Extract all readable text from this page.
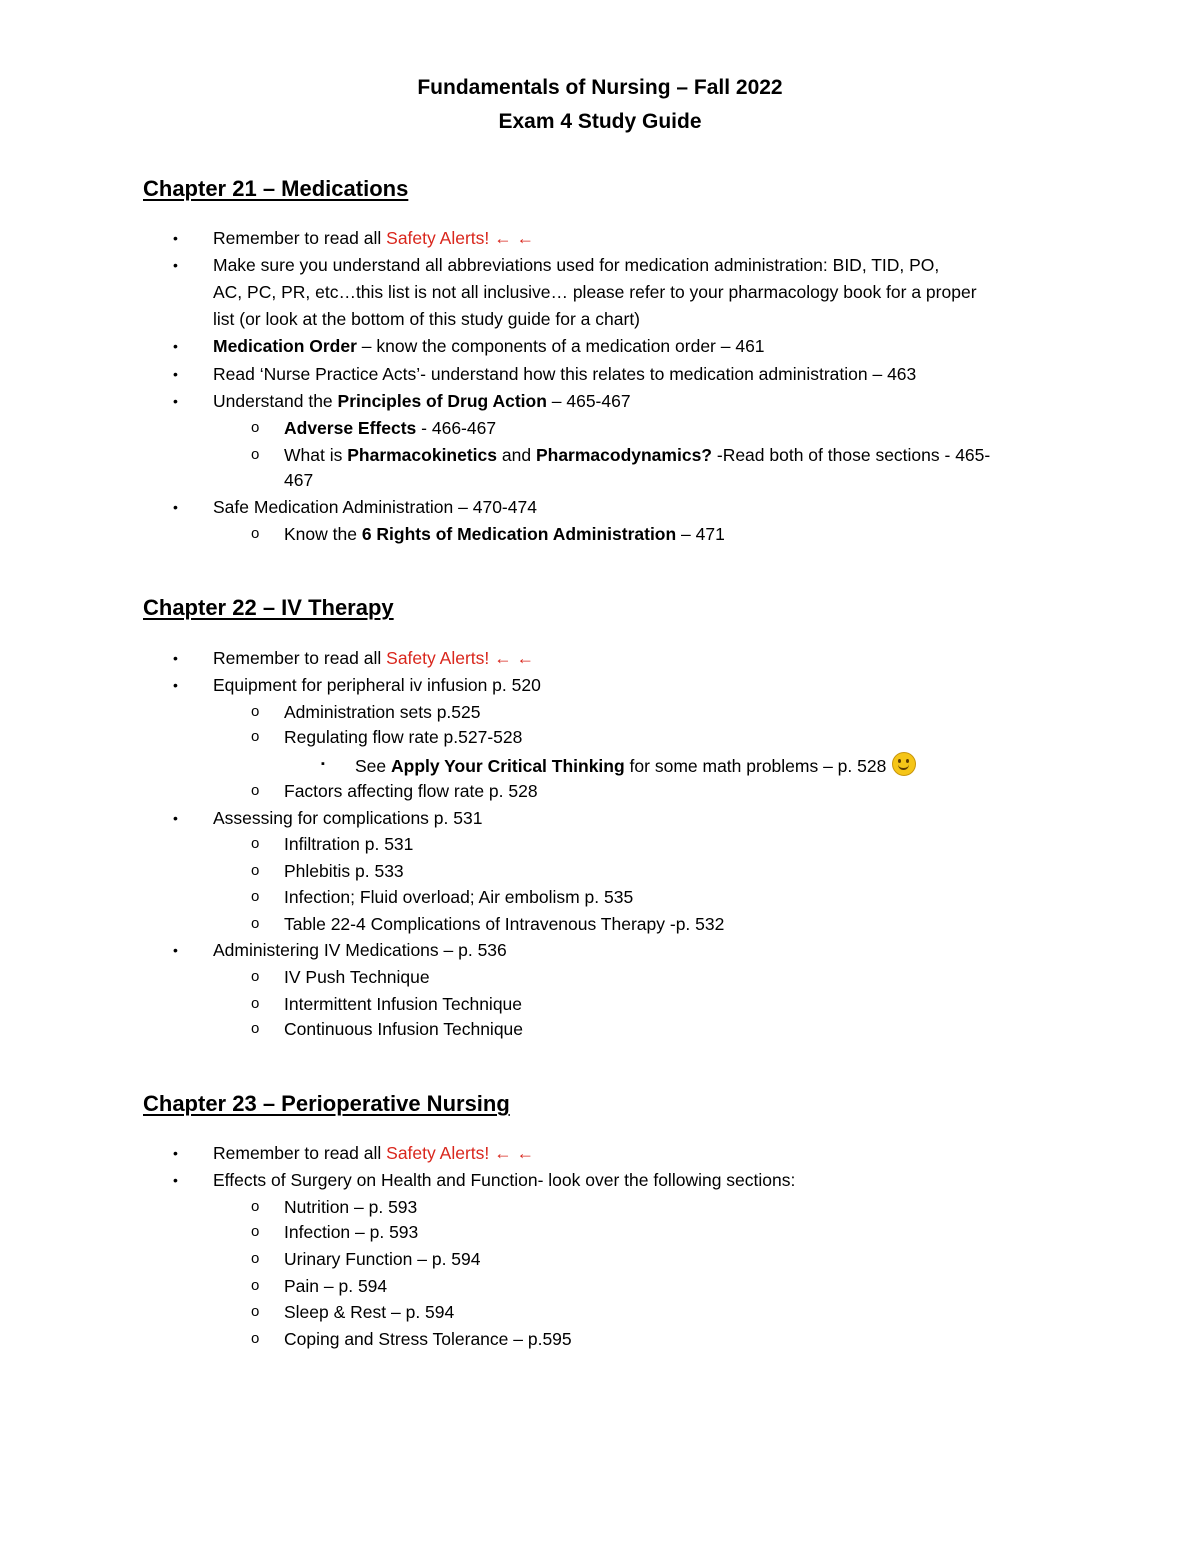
Fundamentals of Nursing – Fall 2022
Exam 4 Study Guide
Chapter 21 – Medications
• Remember to read all Safety Alerts! ← ←
• Make sure you understand all abbreviations used for medication administration: BID, TID, PO,
AC, PC, PR, etc…this list is not all inclusive… please refer to your pharmacology book for a proper
list (or look at the bottom of this study guide for a chart)
• Medication Order – know the components of a medication order – 461
• Read ‘Nurse Practice Acts’- understand how this relates to medication administration – 463
• Understand the Principles of Drug Action – 465-467
o Adverse Effects - 466-467
o What is Pharmacokinetics and Pharmacodynamics? -Read both of those sections - 465-
467
• Safe Medication Administration – 470-474
o Know the 6 Rights of Medication Administration – 471
Chapter 22 – IV Therapy
• Remember to read all Safety Alerts! ← ←
• Equipment for peripheral iv infusion p. 520
o Administration sets p.525
o Regulating flow rate p.527-528
▪ See Apply Your Critical Thinking for some math problems – p. 528
o Factors affecting flow rate p. 528
• Assessing for complications p. 531
o Infiltration p. 531
o Phlebitis p. 533
o Infection; Fluid overload; Air embolism p. 535
o Table 22-4 Complications of Intravenous Therapy -p. 532
• Administering IV Medications – p. 536
o IV Push Technique
o Intermittent Infusion Technique
o Continuous Infusion Technique
Chapter 23 – Perioperative Nursing
• Remember to read all Safety Alerts! ← ←
• Effects of Surgery on Health and Function- look over the following sections:
o Nutrition – p. 593
o Infection – p. 593
o Urinary Function – p. 594
o Pain – p. 594
o Sleep & Rest – p. 594
o Coping and Stress Tolerance – p.595
